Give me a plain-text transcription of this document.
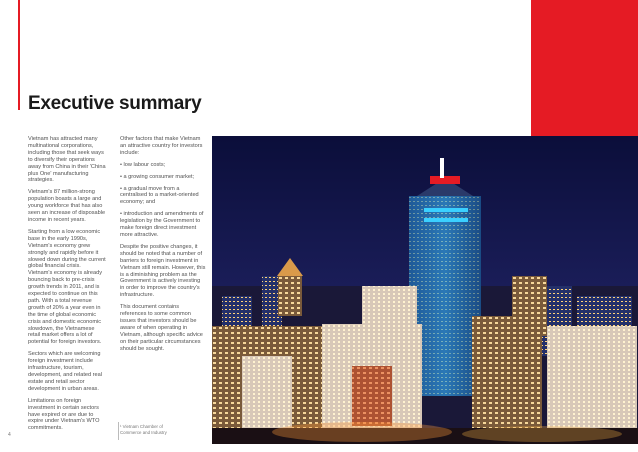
Executive summary

Vietnam has attracted many multinational corporations, including those that seek ways to diversify their operations away from China in their 'China plus One' manufacturing strategies.

Vietnam's 87 million-strong population boasts a large and young workforce that has also seen an increase of disposable income in recent years.

Starting from a low economic base in the early 1990s, Vietnam's economy grew strongly and rapidly before it slowed down during the current global financial crisis. Vietnam's economy is already bouncing back to pre-crisis growth trends in 2011, and is expected to continue on this path. With a total revenue growth of 20% a year even in the time of global economic crisis and domestic economic slowdown, the Vietnamese retail market offers a lot of potential for foreign investors.

Sectors which are welcoming foreign investment include infrastructure, tourism, development, and related real estate and retail sector development in urban areas.

Limitations on foreign investment in certain sectors have expired or are due to expire under Vietnam's WTO commitments.

Other factors that make Vietnam an attractive country for investors include:

• low labour costs;

• a growing consumer market;

• a gradual move from a centralised to a market-oriented economy; and

• introduction and amendments of legislation by the Government to make foreign direct investment more attractive.

Despite the positive changes, it should be noted that a number of barriers to foreign investment in Vietnam still remain. However, this is a diminishing problem as the Government is actively investing in order to improve the country's infrastructure.

This document contains references to some common issues that investors should be aware of when operating in Vietnam, although specific advice on their particular circumstances should be sought.

¹ Vietnam Chamber of
Commerce and Industry
4
